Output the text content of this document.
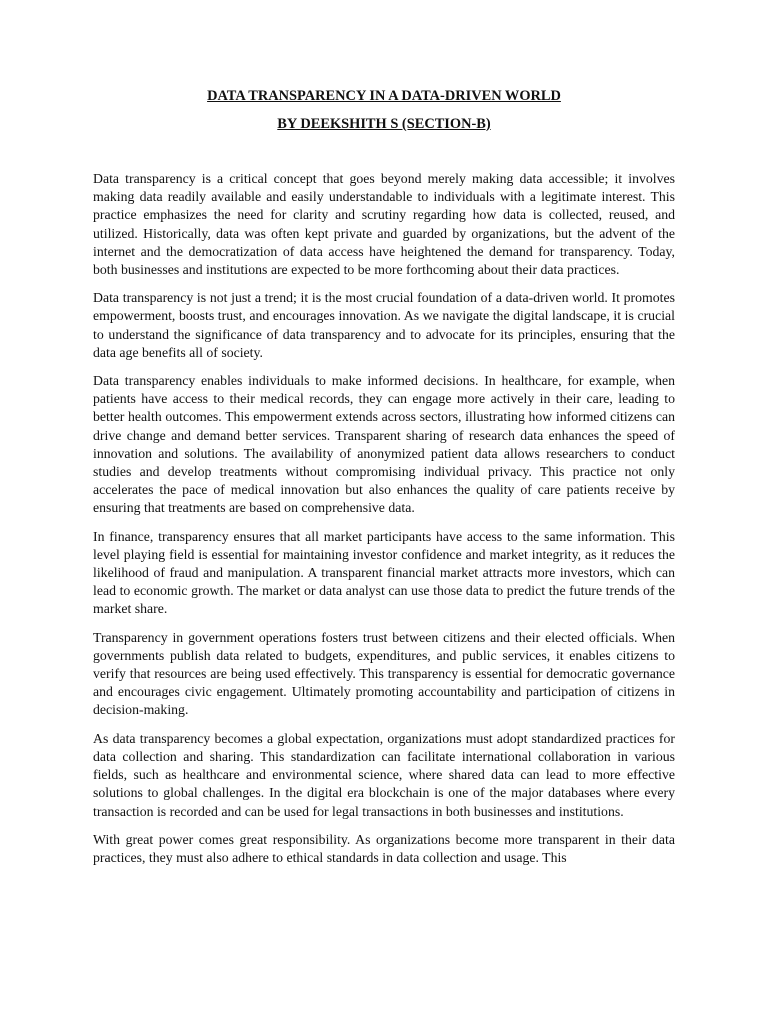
DATA TRANSPARENCY IN A DATA-DRIVEN WORLD
BY DEEKSHITH S (SECTION-B)

Data transparency is a critical concept that goes beyond merely making data accessible; it involves making data readily available and easily understandable to individuals with a legitimate interest. This practice emphasizes the need for clarity and scrutiny regarding how data is collected, reused, and utilized. Historically, data was often kept private and guarded by organizations, but the advent of the internet and the democratization of data access have heightened the demand for transparency. Today, both businesses and institutions are expected to be more forthcoming about their data practices.

Data transparency is not just a trend; it is the most crucial foundation of a data-driven world. It promotes empowerment, boosts trust, and encourages innovation. As we navigate the digital landscape, it is crucial to understand the significance of data transparency and to advocate for its principles, ensuring that the data age benefits all of society.

Data transparency enables individuals to make informed decisions. In healthcare, for example, when patients have access to their medical records, they can engage more actively in their care, leading to better health outcomes. This empowerment extends across sectors, illustrating how informed citizens can drive change and demand better services. Transparent sharing of research data enhances the speed of innovation and solutions. The availability of anonymized patient data allows researchers to conduct studies and develop treatments without compromising individual privacy. This practice not only accelerates the pace of medical innovation but also enhances the quality of care patients receive by ensuring that treatments are based on comprehensive data.

In finance, transparency ensures that all market participants have access to the same information. This level playing field is essential for maintaining investor confidence and market integrity, as it reduces the likelihood of fraud and manipulation. A transparent financial market attracts more investors, which can lead to economic growth. The market or data analyst can use those data to predict the future trends of the market share.

Transparency in government operations fosters trust between citizens and their elected officials. When governments publish data related to budgets, expenditures, and public services, it enables citizens to verify that resources are being used effectively. This transparency is essential for democratic governance and encourages civic engagement. Ultimately promoting accountability and participation of citizens in decision-making.

As data transparency becomes a global expectation, organizations must adopt standardized practices for data collection and sharing. This standardization can facilitate international collaboration in various fields, such as healthcare and environmental science, where shared data can lead to more effective solutions to global challenges. In the digital era blockchain is one of the major databases where every transaction is recorded and can be used for legal transactions in both businesses and institutions.

With great power comes great responsibility. As organizations become more transparent in their data practices, they must also adhere to ethical standards in data collection and usage. This
